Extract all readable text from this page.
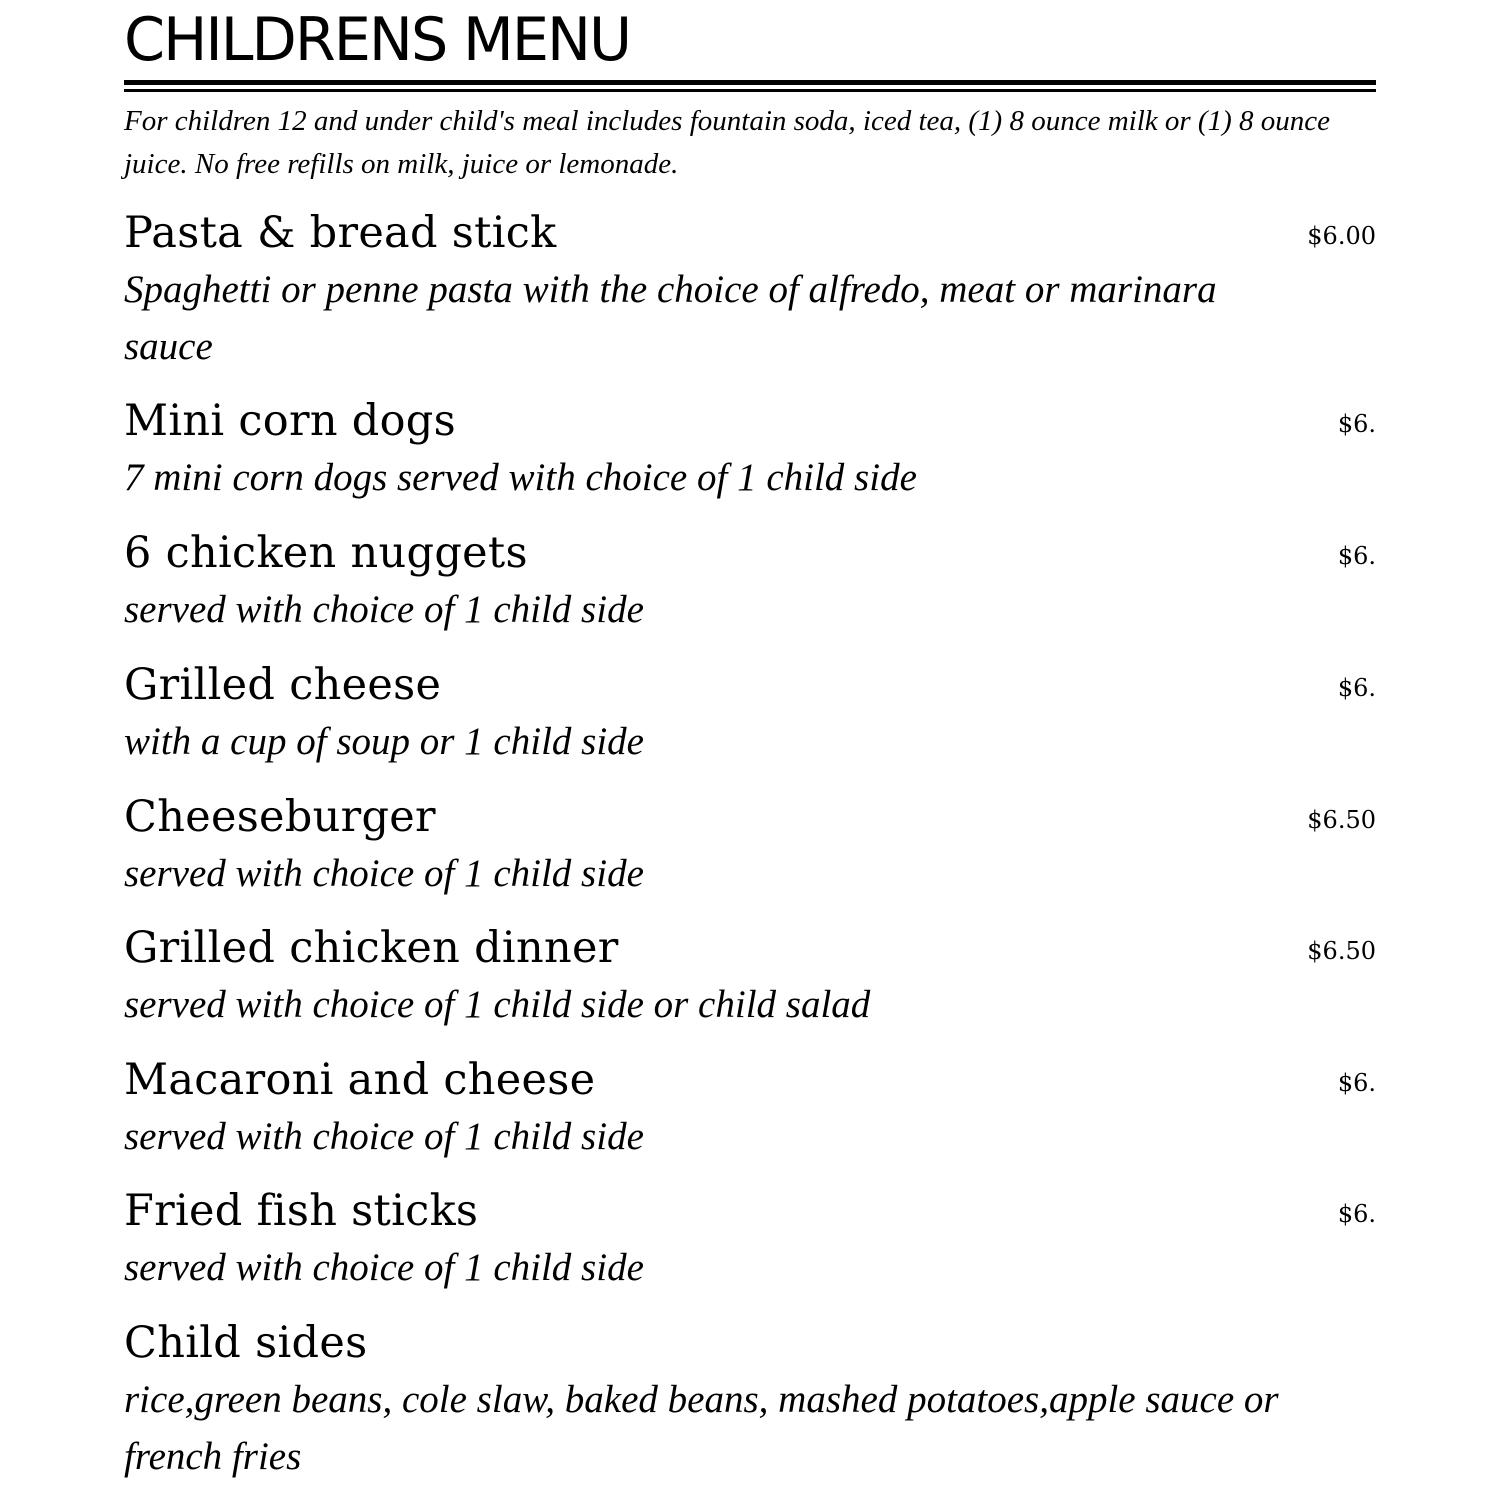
CHILDRENS MENU
For children 12 and under child's meal includes fountain soda, iced tea, (1) 8 ounce milk or (1) 8 ounce juice. No free refills on milk, juice or lemonade.
Pasta & bread stick	$6.00
Spaghetti or penne pasta with the choice of alfredo, meat or marinara sauce
Mini corn dogs	$6.
7 mini corn dogs served with choice of 1 child side
6 chicken nuggets	$6.
served with choice of 1 child side
Grilled cheese	$6.
with a cup of soup or 1 child side
Cheeseburger	$6.50
served with choice of 1 child side
Grilled chicken dinner	$6.50
served with choice of 1 child side or child salad
Macaroni and cheese	$6.
served with choice of 1 child side
Fried fish sticks	$6.
served with choice of 1 child side
Child sides
rice,green beans, cole slaw, baked beans, mashed potatoes,apple sauce or french fries
